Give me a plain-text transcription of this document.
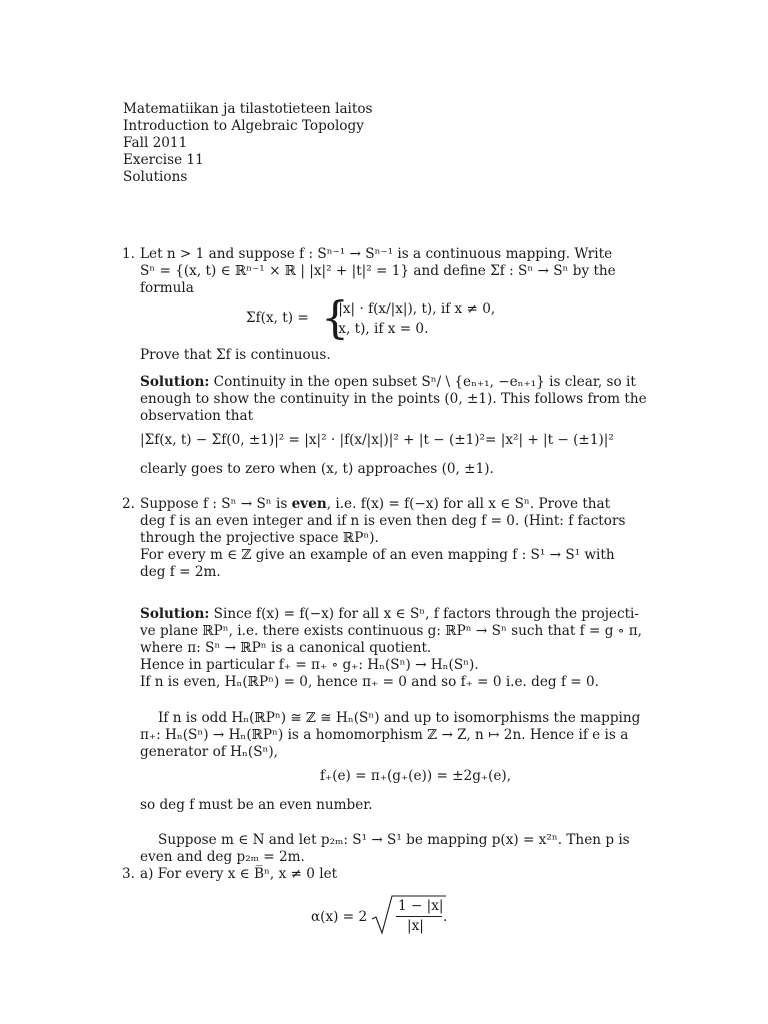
Matematiikan ja tilastotieteen laitos
Introduction to Algebraic Topology
Fall 2011
Exercise 11
Solutions
1. Let n > 1 and suppose f : Sⁿ⁻¹ → Sⁿ⁻¹ is a continuous mapping. Write
Sⁿ = {(x, t) ∈ ℝⁿ⁻¹ × ℝ | |x|² + |t|² = 1} and define Σf : Sⁿ → Sⁿ by the
formula
Σf(x, t) = {
(|x| · f(x/|x|), t), if x ≠ 0,
(x, t), if x = 0.
Prove that Σf is continuous.
Solution: Continuity in the open subset Sⁿ/ \ {eₙ₊₁, −eₙ₊₁} is clear, so it
enough to show the continuity in the points (0, ±1). This follows from the
observation that
|Σf(x, t) − Σf(0, ±1)|² = |x|² · |f(x/|x|)|² + |t − (±1)²= |x²| + |t − (±1)|²
clearly goes to zero when (x, t) approaches (0, ±1).
2. Suppose f : Sⁿ → Sⁿ is even, i.e. f(x) = f(−x) for all x ∈ Sⁿ. Prove that
deg f is an even integer and if n is even then deg f = 0. (Hint: f factors
through the projective space ℝPⁿ).
For every m ∈ ℤ give an example of an even mapping f : S¹ → S¹ with
deg f = 2m.
Solution: Since f(x) = f(−x) for all x ∈ Sⁿ, f factors through the projecti-
ve plane ℝPⁿ, i.e. there exists continuous g: ℝPⁿ → Sⁿ such that f = g ∘ π,
where π: Sⁿ → ℝPⁿ is a canonical quotient.
Hence in particular f₊ = π₊ ∘ g₊: Hₙ(Sⁿ) → Hₙ(Sⁿ).
If n is even, Hₙ(ℝPⁿ) = 0, hence π₊ = 0 and so f₊ = 0 i.e. deg f = 0.
If n is odd Hₙ(ℝPⁿ) ≅ ℤ ≅ Hₙ(Sⁿ) and up to isomorphisms the mapping
π₊: Hₙ(Sⁿ) → Hₙ(ℝPⁿ) is a homomorphism ℤ → Z, n ↦ 2n. Hence if e is a
generator of Hₙ(Sⁿ),
f₊(e) = π₊(g₊(e)) = ±2g₊(e),
so deg f must be an even number.
Suppose m ∈ N and let p₂ₘ: S¹ → S¹ be mapping p(x) = x²ⁿ. Then p is
even and deg p₂ₘ = 2m.
3. a) For every x ∈ B̅ⁿ, x ≠ 0 let
α(x) = 2
1 − |x|
|x|
.
